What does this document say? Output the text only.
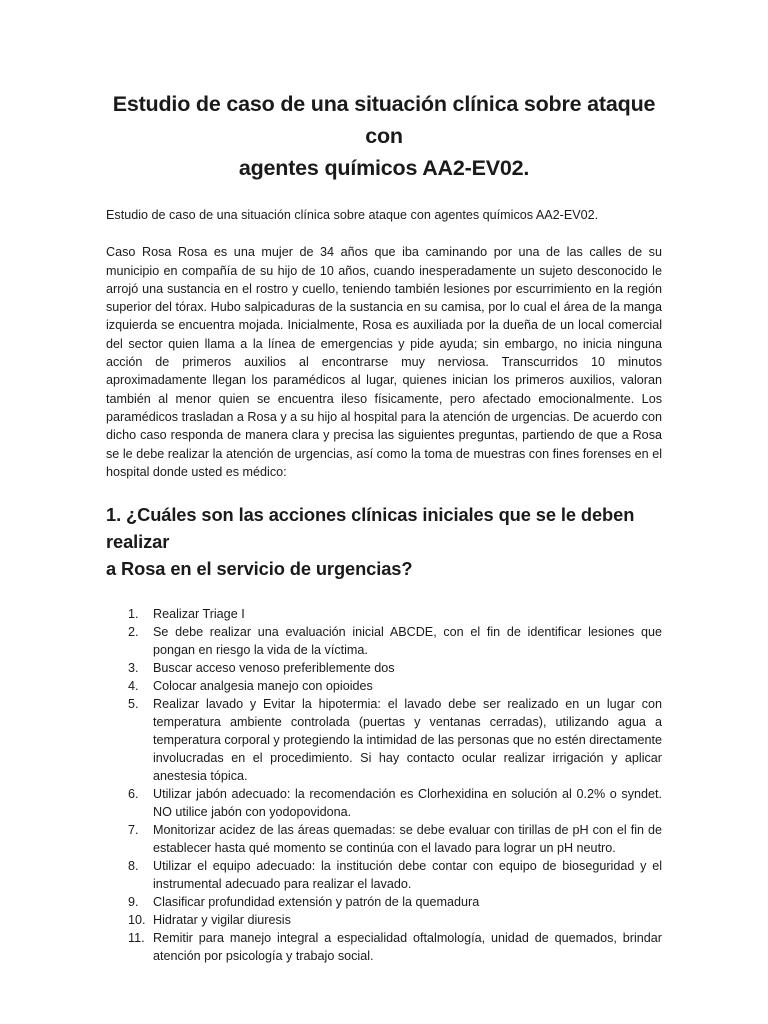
Estudio de caso de una situación clínica sobre ataque con
agentes químicos AA2-EV02.

Estudio de caso de una situación clínica sobre ataque con agentes químicos AA2-EV02.

Caso Rosa Rosa es una mujer de 34 años que iba caminando por una de las calles de su municipio en compañía de su hijo de 10 años, cuando inesperadamente un sujeto desconocido le arrojó una sustancia en el rostro y cuello, teniendo también lesiones por escurrimiento en la región superior del tórax. Hubo salpicaduras de la sustancia en su camisa, por lo cual el área de la manga izquierda se encuentra mojada. Inicialmente, Rosa es auxiliada por la dueña de un local comercial del sector quien llama a la línea de emergencias y pide ayuda; sin embargo, no inicia ninguna acción de primeros auxilios al encontrarse muy nerviosa. Transcurridos 10 minutos aproximadamente llegan los paramédicos al lugar, quienes inician los primeros auxilios, valoran también al menor quien se encuentra ileso físicamente, pero afectado emocionalmente. Los paramédicos trasladan a Rosa y a su hijo al hospital para la atención de urgencias. De acuerdo con dicho caso responda de manera clara y precisa las siguientes preguntas, partiendo de que a Rosa se le debe realizar la atención de urgencias, así como la toma de muestras con fines forenses en el hospital donde usted es médico:

1. ¿Cuáles son las acciones clínicas iniciales que se le deben realizar
a Rosa en el servicio de urgencias?
1.	Realizar Triage I
2.	Se debe realizar una evaluación inicial ABCDE, con el fin de identificar lesiones que pongan en riesgo la vida de la víctima.
3.	Buscar acceso venoso preferiblemente dos
4.	Colocar analgesia manejo con opioides
5.	Realizar lavado y Evitar la hipotermia: el lavado debe ser realizado en un lugar con temperatura ambiente controlada (puertas y ventanas cerradas), utilizando agua a temperatura corporal y protegiendo la intimidad de las personas que no estén directamente involucradas en el procedimiento. Si hay contacto ocular realizar irrigación y aplicar anestesia tópica.
6.	Utilizar jabón adecuado: la recomendación es Clorhexidina en solución al 0.2% o syndet. NO utilice jabón con yodopovidona.
7.	Monitorizar acidez de las áreas quemadas: se debe evaluar con tirillas de pH con el fin de establecer hasta qué momento se continúa con el lavado para lograr un pH neutro.
8.	Utilizar el equipo adecuado: la institución debe contar con equipo de bioseguridad y el instrumental adecuado para realizar el lavado.
9.	Clasificar profundidad extensión y patrón de la quemadura
10. Hidratar y vigilar diuresis
11. Remitir para manejo integral a especialidad oftalmología, unidad de quemados, brindar atención por psicología y trabajo social.
